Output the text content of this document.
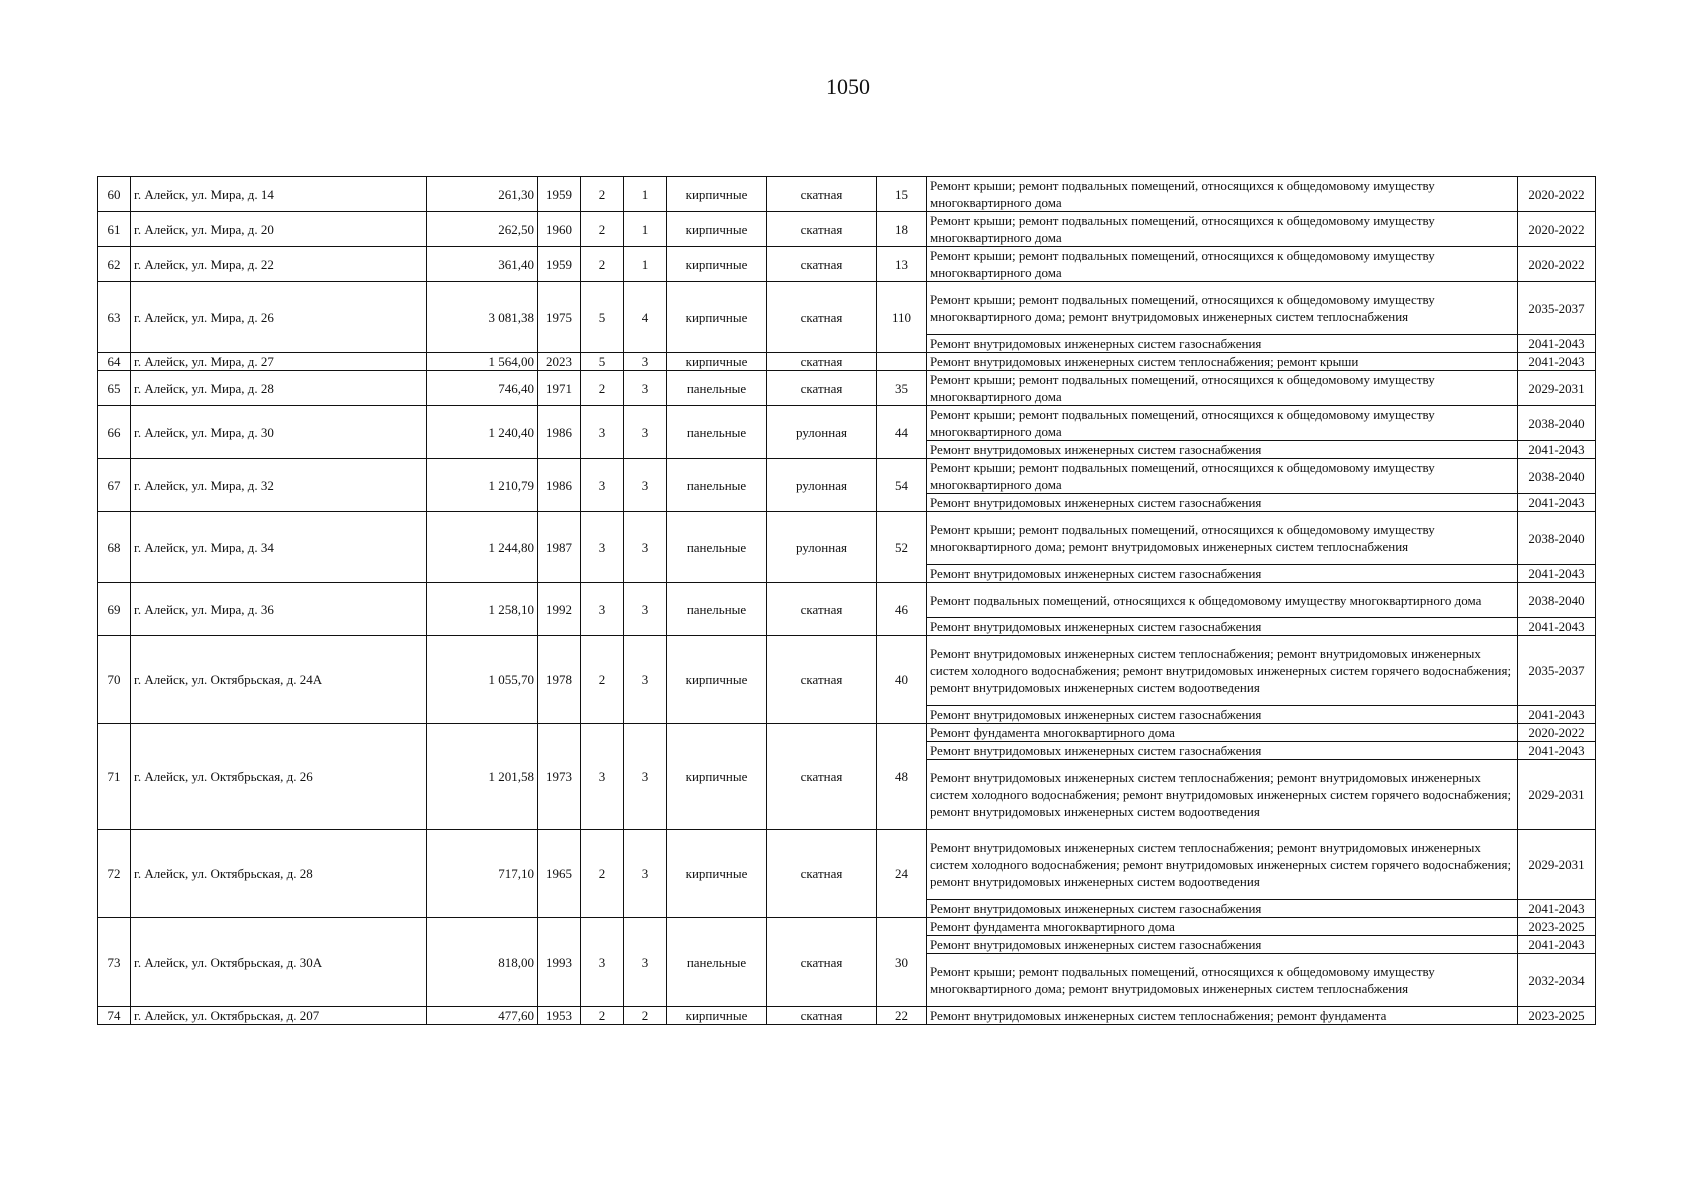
1050
60	г. Алейск, ул. Мира, д. 14	261,30	1959	2	1	кирпичные	скатная	15	Ремонт крыши; ремонт подвальных помещений, относящихся к общедомовому имуществу многоквартирного дома	2020-2022
61	г. Алейск, ул. Мира, д. 20	262,50	1960	2	1	кирпичные	скатная	18	Ремонт крыши; ремонт подвальных помещений, относящихся к общедомовому имуществу многоквартирного дома	2020-2022
62	г. Алейск, ул. Мира, д. 22	361,40	1959	2	1	кирпичные	скатная	13	Ремонт крыши; ремонт подвальных помещений, относящихся к общедомовому имуществу многоквартирного дома	2020-2022
63	г. Алейск, ул. Мира, д. 26	3 081,38	1975	5	4	кирпичные	скатная	110	Ремонт крыши; ремонт подвальных помещений, относящихся к общедомовому имуществу многоквартирного дома; ремонт внутридомовых инженерных систем теплоснабжения	2035-2037
									Ремонт внутридомовых инженерных систем газоснабжения	2041-2043
64	г. Алейск, ул. Мира, д. 27	1 564,00	2023	5	3	кирпичные	скатная		Ремонт внутридомовых инженерных систем теплоснабжения; ремонт крыши	2041-2043
65	г. Алейск, ул. Мира, д. 28	746,40	1971	2	3	панельные	скатная	35	Ремонт крыши; ремонт подвальных помещений, относящихся к общедомовому имуществу многоквартирного дома	2029-2031
66	г. Алейск, ул. Мира, д. 30	1 240,40	1986	3	3	панельные	рулонная	44	Ремонт крыши; ремонт подвальных помещений, относящихся к общедомовому имуществу многоквартирного дома	2038-2040
									Ремонт внутридомовых инженерных систем газоснабжения	2041-2043
67	г. Алейск, ул. Мира, д. 32	1 210,79	1986	3	3	панельные	рулонная	54	Ремонт крыши; ремонт подвальных помещений, относящихся к общедомовому имуществу многоквартирного дома	2038-2040
									Ремонт внутридомовых инженерных систем газоснабжения	2041-2043
68	г. Алейск, ул. Мира, д. 34	1 244,80	1987	3	3	панельные	рулонная	52	Ремонт крыши; ремонт подвальных помещений, относящихся к общедомовому имуществу многоквартирного дома; ремонт внутридомовых инженерных систем теплоснабжения	2038-2040
									Ремонт внутридомовых инженерных систем газоснабжения	2041-2043
69	г. Алейск, ул. Мира, д. 36	1 258,10	1992	3	3	панельные	скатная	46	Ремонт подвальных помещений, относящихся к общедомовому имуществу многоквартирного дома	2038-2040
									Ремонт внутридомовых инженерных систем газоснабжения	2041-2043
70	г. Алейск, ул. Октябрьская, д. 24А	1 055,70	1978	2	3	кирпичные	скатная	40	Ремонт внутридомовых инженерных систем теплоснабжения; ремонт внутридомовых инженерных систем холодного водоснабжения; ремонт внутридомовых инженерных систем горячего водоснабжения; ремонт внутридомовых инженерных систем водоотведения	2035-2037
									Ремонт внутридомовых инженерных систем газоснабжения	2041-2043
71	г. Алейск, ул. Октябрьская, д. 26	1 201,58	1973	3	3	кирпичные	скатная	48	Ремонт фундамента многоквартирного дома	2020-2022
									Ремонт внутридомовых инженерных систем газоснабжения	2041-2043
									Ремонт внутридомовых инженерных систем теплоснабжения; ремонт внутридомовых инженерных систем холодного водоснабжения; ремонт внутридомовых инженерных систем горячего водоснабжения; ремонт внутридомовых инженерных систем водоотведения	2029-2031
72	г. Алейск, ул. Октябрьская, д. 28	717,10	1965	2	3	кирпичные	скатная	24	Ремонт внутридомовых инженерных систем теплоснабжения; ремонт внутридомовых инженерных систем холодного водоснабжения; ремонт внутридомовых инженерных систем горячего водоснабжения; ремонт внутридомовых инженерных систем водоотведения	2029-2031
									Ремонт внутридомовых инженерных систем газоснабжения	2041-2043
73	г. Алейск, ул. Октябрьская, д. 30А	818,00	1993	3	3	панельные	скатная	30	Ремонт фундамента многоквартирного дома	2023-2025
									Ремонт внутридомовых инженерных систем газоснабжения	2041-2043
									Ремонт крыши; ремонт подвальных помещений, относящихся к общедомовому имуществу многоквартирного дома; ремонт внутридомовых инженерных систем теплоснабжения	2032-2034
74	г. Алейск, ул. Октябрьская, д. 207	477,60	1953	2	2	кирпичные	скатная	22	Ремонт внутридомовых инженерных систем теплоснабжения; ремонт фундамента	2023-2025
